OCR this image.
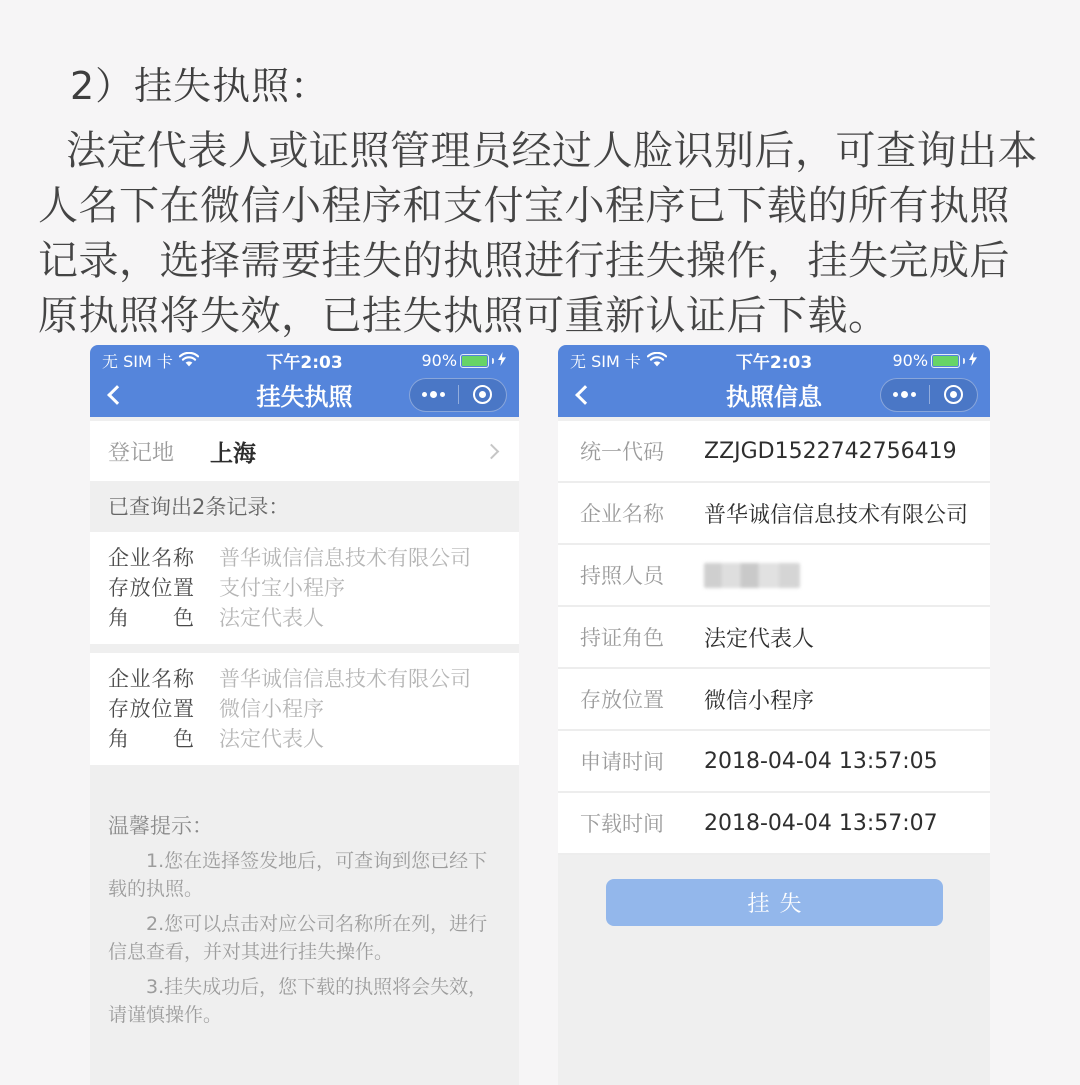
2）挂失执照：
法定代表人或证照管理员经过人脸识别后，可查询出本人名下在微信小程序和支付宝小程序已下载的所有执照记录，选择需要挂失的执照进行挂失操作，挂失完成后原执照将失效，已挂失执照可重新认证后下载。
无 SIM 卡	下午2:03	90%
挂失执照
登记地	上海
已查询出2条记录：
企业名称 普华诚信信息技术有限公司
存放位置 支付宝小程序
角色 法定代表人
企业名称 普华诚信信息技术有限公司
存放位置 微信小程序
角色 法定代表人
温馨提示：
1.您在选择签发地后，可查询到您已经下载的执照。
2.您可以点击对应公司名称所在列，进行信息查看，并对其进行挂失操作。
3.挂失成功后，您下载的执照将会失效，请谨慎操作。
无 SIM 卡	下午2:03	90%
执照信息
统一代码	ZZJGD1522742756419
企业名称	普华诚信信息技术有限公司
持照人员
持证角色	法定代表人
存放位置	微信小程序
申请时间	2018-04-04 13:57:05
下载时间	2018-04-04 13:57:07
挂失
